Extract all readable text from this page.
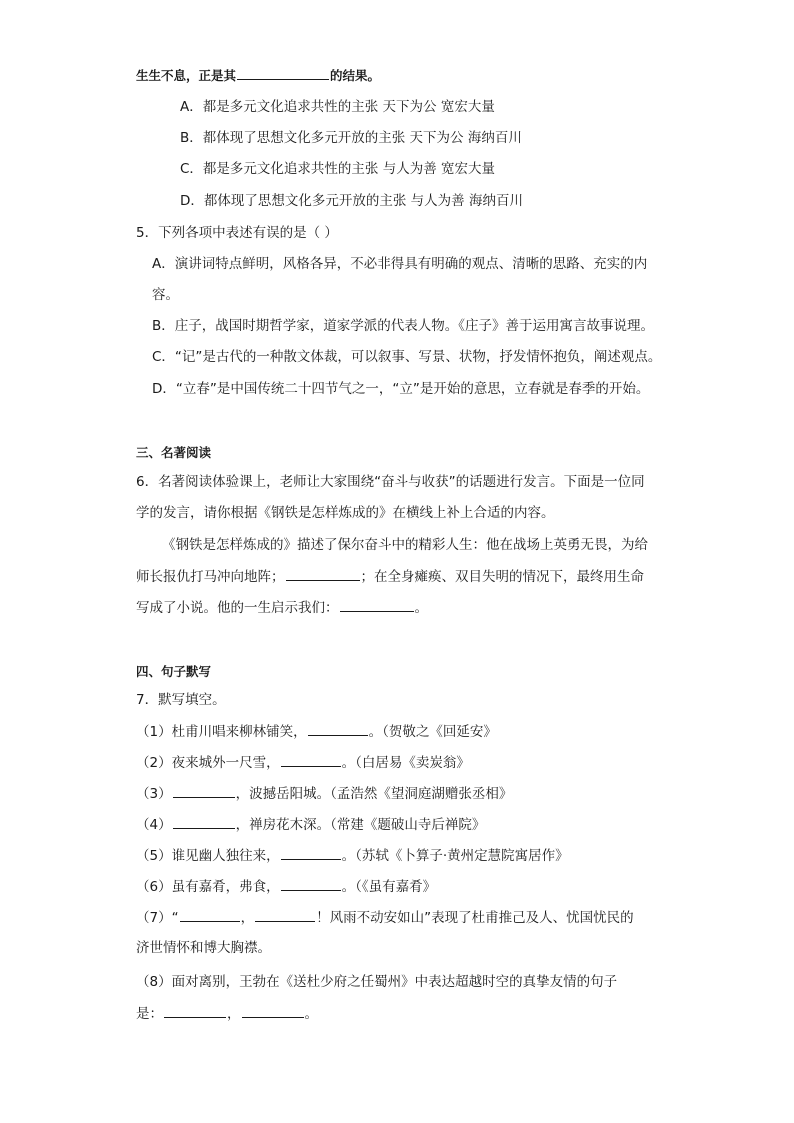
生生不息，正是其	的结果。
A．都是多元文化追求共性的主张 天下为公 宽宏大量
B．都体现了思想文化多元开放的主张 天下为公 海纳百川
C．都是多元文化追求共性的主张 与人为善 宽宏大量
D．都体现了思想文化多元开放的主张 与人为善 海纳百川
5．下列各项中表述有误的是（ ）
A．演讲词特点鲜明，风格各异，不必非得具有明确的观点、清晰的思路、充实的内
容。
B．庄子，战国时期哲学家，道家学派的代表人物。《庄子》善于运用寓言故事说理。
C．“记”是古代的一种散文体裁，可以叙事、写景、状物，抒发情怀抱负，阐述观点。
D．“立春”是中国传统二十四节气之一，“立”是开始的意思，立春就是春季的开始。
三、名著阅读
6．名著阅读体验课上，老师让大家围绕“奋斗与收获”的话题进行发言。下面是一位同
学的发言，请你根据《钢铁是怎样炼成的》在横线上补上合适的内容。
《钢铁是怎样炼成的》描述了保尔奋斗中的精彩人生：他在战场上英勇无畏，为给
师长报仇打马冲向地阵；	；在全身瘫痪、双目失明的情况下，最终用生命
写成了小说。他的一生启示我们：	。
四、句子默写
7．默写填空。
（1）杜甫川唱来柳林铺笑，	。（贺敬之《回延安》
（2）夜来城外一尺雪，	。（白居易《卖炭翁》
（3）	，波撼岳阳城。（孟浩然《望洞庭湖赠张丞相》
（4）	，禅房花木深。（常建《题破山寺后禅院》
（5）谁见幽人独往来，	。（苏轼《卜算子·黄州定慧院寓居作》
（6）虽有嘉肴，弗食，	。（《虽有嘉肴》
（7）“	，	！风雨不动安如山”表现了杜甫推己及人、忧国忧民的
济世情怀和博大胸襟。
（8）面对离别，王勃在《送杜少府之任蜀州》中表达超越时空的真挚友情的句子
是：	，	。
